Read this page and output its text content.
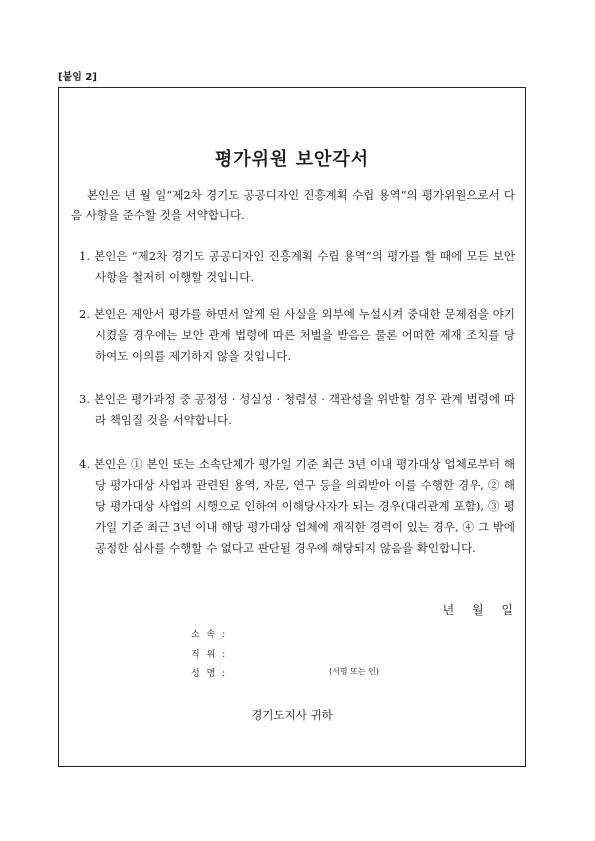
[붙임 2]
평가위원 보안각서
본인은 년 월 일“제2차 경기도 공공디자인 진흥계획 수립 용역”의 평가위원으로서 다음 사항을 준수할 것을 서약합니다.
1. 본인은 “제2차 경기도 공공디자인 진흥계획 수립 용역”의 평가를 할 때에 모든 보안사항을 철저히 이행할 것입니다.
2. 본인은 제안서 평가를 하면서 알게 된 사실을 외부에 누설시켜 중대한 문제점을 야기 시켰을 경우에는 보안 관계 법령에 따른 처벌을 받음은 물론 어떠한 제재 조치를 당하여도 이의를 제기하지 않을 것입니다.
3. 본인은 평가과정 중 공정성 · 성실성 · 청렴성 · 객관성을 위반할 경우 관계 법령에 따라 책임질 것을 서약합니다.
4. 본인은 ① 본인 또는 소속단체가 평가일 기준 최근 3년 이내 평가대상 업체로부터 해당 평가대상 사업과 관련된 용역, 자문, 연구 등을 의뢰받아 이를 수행한 경우, ② 해당 평가대상 사업의 시행으로 인하여 이해당사자가 되는 경우(대리관계 포함), ③ 평가일 기준 최근 3년 이내 해당 평가대상 업체에 재직한 경력이 있는 경우, ④ 그 밖에 공정한 심사를 수행할 수 없다고 판단될 경우에 해당되지 않음을 확인합니다.
년 월 일
소 속 :
직 위 :
성 명 :	(서명 또는 인)
경기도지사 귀하
